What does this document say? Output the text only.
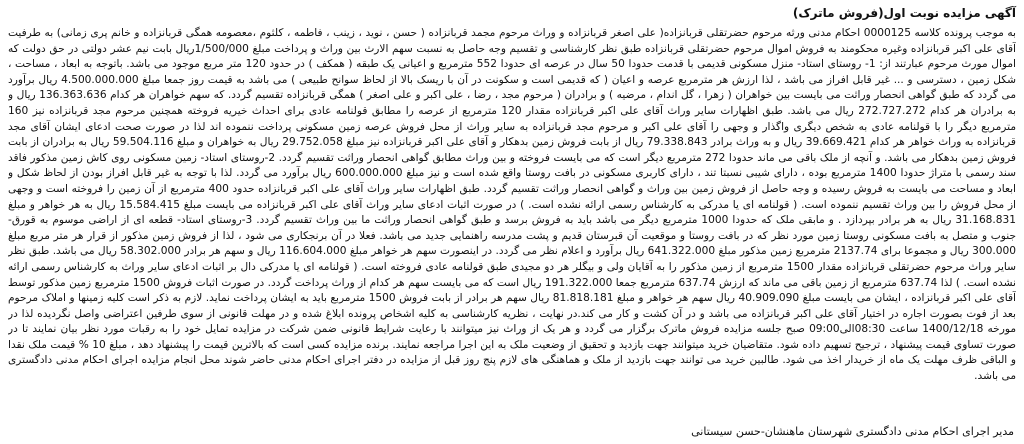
آگهی مزایده نوبت اول(فروش ماترک)

به موجب پرونده کلاسه 0000125 احکام مدنی ورثه مرحوم حضرتقلی قربانزاده( علی اصغر قربانزاده و وراث مرحوم مجمد قربانزاده ( حسن ، نوید ، زینب ، فاطمه ، کلثوم ،معصومه همگی قربانزاده و خانم پری زمانی) به طرفیت آقای علی اکبر قربانزاده وغیره محکومند به فروش اموال مرحوم حضرتقلی قربانزاده طبق نظر کارشناسی و تقسیم وجه حاصل به نسبت سهم الارث بین وراث و پرداخت مبلغ 1/500/000ریال بابت نیم عشر دولتی در حق دولت که اموال مورث مرحوم عبارتند از: 1- روستای استاد- منزل مسکونی قدیمی با قدمت حدودا 50 سال در عرصه ای حدودا 552 مترمربع و اعیانی یک طبقه ( همکف ) در حدود 120 متر مربع موجود می باشد. باتوجه به ابعاد ، مساحت ، شکل زمین ، دسترسی و ... غیر قابل افراز می باشد ، لذا ارزش هر مترمربع عرصه و اعیان ( که قدیمی است و سکونت در آن با ریسک بالا از لحاظ سوانح طبیعی ) می باشد به قیمت روز جمعا مبلغ 4.500.000.000 ریال برآورد می گردد که طبق گواهی انحصار وراثت می بایست بین خواهران ( زهرا ، گل اندام ، مرضیه ) و برادران ( مرحوم مجد ، رضا ، علی اکبر و علی اصغر ) همگی قربانزاده تقسیم گردد. که سهم خواهران هر کدام 136.363.636 ریال و به برادران هر کدام 272.727.272 ریال می باشد. طبق اظهارات سایر وراث آقای علی اکبر قربانزاده مقدار 120 مترمربع از عرصه را مطابق قولنامه عادی برای احداث خیریه فروخته همچنین مرحوم مجد قربانزاده نیز 160 مترمربع دیگر را با قولنامه عادی به شخص دیگری واگذار و وجهی را آقای علی اکبر و مرحوم مجد قربانزاده به سایر وراث از محل فروش عرصه زمین مسکونی پرداخت ننموده اند لذا در صورت صحت ادعای ایشان آقای مجد قربانزاده به وراث خواهر هر کدام 39.669.421 ریال و به وراث برادر 79.338.843 ریال از بابت فروش زمین بدهکار و آقای علی اکبر قربانزاده نیز مبلغ 29.752.058 ریال به خواهران و مبلغ 59.504.116 ریال به برادران از بابت فروش زمین بدهکار می باشد. و آنچه از ملک باقی می ماند حدودا 272 مترمربع دیگر است که می بایست فروخته و بین وراث مطابق گواهی انحصار وراثت تقسیم گردد. 2-روستای استاد- زمین مسکونی روی کاش زمین مذکور فاقد سند رسمی با متراژ حدودا 1400 مترمربع بوده ، دارای شیبی نسبتا تند ، دارای کاربری مسکونی در بافت روستا واقع شده است و نیز مبلغ 600.000.000 ریال برآورد می گردد. لذا با توجه به غیر قابل افراز بودن از لحاظ شکل و ابعاد و مساحت می بایست به فروش رسیده و وجه حاصل از فروش زمین بین وراث و گواهی انحصار وراثت تقسیم گردد. طبق اظهارات سایر وراث آقای علی اکبر قربانزاده حدود 400 مترمربع از آن زمین را فروخته است و وجهی از محل فروش را بین وراث تقسیم ننموده است. ( قولنامه ای یا مدرکی به کارشناس رسمی ارائه نشده است. ) در صورت اثبات ادعای سایر وراث آقای علی اکبر قربانزاده می بایست مبلغ 15.584.415 ریال به هر خواهر و مبلغ 31.168.831 ریال به هر برادر بپردازد . و مابقی ملک که حدودا 1000 مترمربع دیگر می باشد باید به فروش برسد و طبق گواهی انحصار وراثت ما بین وراث تقسیم گردد. 3-روستای استاد- قطعه ای از اراضی موسوم به قورق- جنوب و متصل به بافت مسکونی روستا زمین مورد نظر که در بافت روستا و موقعیت آن قبرستان قدیم و پشت مدرسه راهنمایی جدید می باشد. فعلا در آن برنجکاری می شود ، لذا از فروش زمین مذکور از قرار هر متر مربع مبلغ 300.000 ریال و مجموعا برای 2137.74 مترمربع زمین مذکور مبلغ 641.322.000 ریال برآورد و اعلام نظر می گردد. در اینصورت سهم هر خواهر مبلغ 116.604.000 ریال و سهم هر برادر 58.302.000 ریال می باشد. طبق نظر سایر وراث مرحوم حضرتقلی قربانزاده مقدار 1500 مترمربع از زمین مذکور را به آقایان ولی و بیگلر هر دو مجیدی طبق قولنامه عادی فروخته است. ( قولنامه ای یا مدرکی دال بر اثبات ادعای سایر وراث به کارشناس رسمی ارائه نشده است. ) لذا 637.74 مترمربع از زمین باقی می ماند که ارزش 637.74 مترمربع جمعا 191.322.000 ریال است که می بایست سهم هر کدام از وراث پرداخت گردد. در صورت اثبات فروش 1500 مترمربع زمین مذکور توسط آقای علی اکبر قربانزاده ، ایشان می بایست مبلغ 40.909.090 ریال سهم هر خواهر و مبلغ 81.818.181 ریال سهم هر برادر از بابت فروش 1500 مترمربع باید به ایشان پرداخت نماید. لازم به ذکر است کلیه زمینها و املاک مرحوم بعد از فوت بصورت اجاره در اختیار آقای علی اکبر قربانزاده می باشد و در آن کشت و کار می کند.در نهایت ، نظریه کارشناسی به کلیه اشخاص پرونده ابلاغ شده و در مهلت قانونی از سوی طرفین اعتراضی واصل نگردیده لذا در مورخه 1400/12/18 ساعت 08:30الی09:00 صبح جلسه مزایده فروش ماترک برگزار می گردد و هر یک از وراث نیز میتوانند با رعایت شرایط قانونی ضمن شرکت در مزایده تمایل خود را به رقبات مورد نظر بیان نمایند تا در صورت تساوی قیمت پیشنهاد ، ترجیح تسهیم داده شود. متقاضیان خرید میتوانند جهت بازدید و تحقیق از وضعیت ملک به این اجرا مراجعه نمایند. برنده مزایده کسی است که بالاترین قیمت را پیشنهاد دهد ، مبلغ 10 % قیمت ملک نقدا و الباقی ظرف مهلت یک ماه از خریدار اخذ می شود. طالبین خرید می توانند جهت بازدید از ملک و هماهنگی های لازم پنج روز قبل از مزایده در دفتر اجرای احکام مدنی حاضر شوند محل انجام مزایده اجرای احکام مدنی دادگستری می باشد.

مدیر اجرای احکام مدنی دادگستری شهرستان ماهنشان-حسن سیستانی
